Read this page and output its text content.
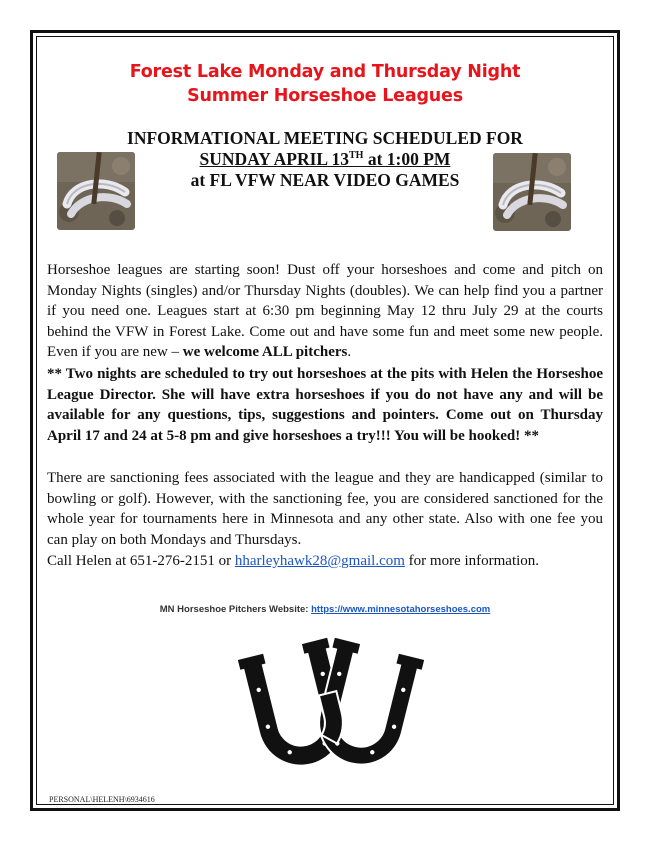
Forest Lake Monday and Thursday Night
Summer Horseshoe Leagues
INFORMATIONAL MEETING SCHEDULED FOR
SUNDAY APRIL 13TH at 1:00 PM
at FL VFW NEAR VIDEO GAMES

Horseshoe leagues are starting soon! Dust off your horseshoes and come and pitch on Monday Nights (singles) and/or Thursday Nights (doubles). We can help find you a partner if you need one. Leagues start at 6:30 pm beginning May 12 thru July 29 at the courts behind the VFW in Forest Lake. Come out and have some fun and meet some new people. Even if you are new – we welcome ALL pitchers.

** Two nights are scheduled to try out horseshoes at the pits with Helen the Horseshoe League Director. She will have extra horseshoes if you do not have any and will be available for any questions, tips, suggestions and pointers. Come out on Thursday April 17 and 24 at 5-8 pm and give horseshoes a try!!! You will be hooked! **

There are sanctioning fees associated with the league and they are handicapped (similar to bowling or golf). However, with the sanctioning fee, you are considered sanctioned for the whole year for tournaments here in Minnesota and any other state. Also with one fee you can play on both Mondays and Thursdays.

Call Helen at 651-276-2151 or hharleyhawk28@gmail.com for more information.

MN Horseshoe Pitchers Website: https://www.minnesotahorseshoes.com
PERSONAL\HELENH\6934616
